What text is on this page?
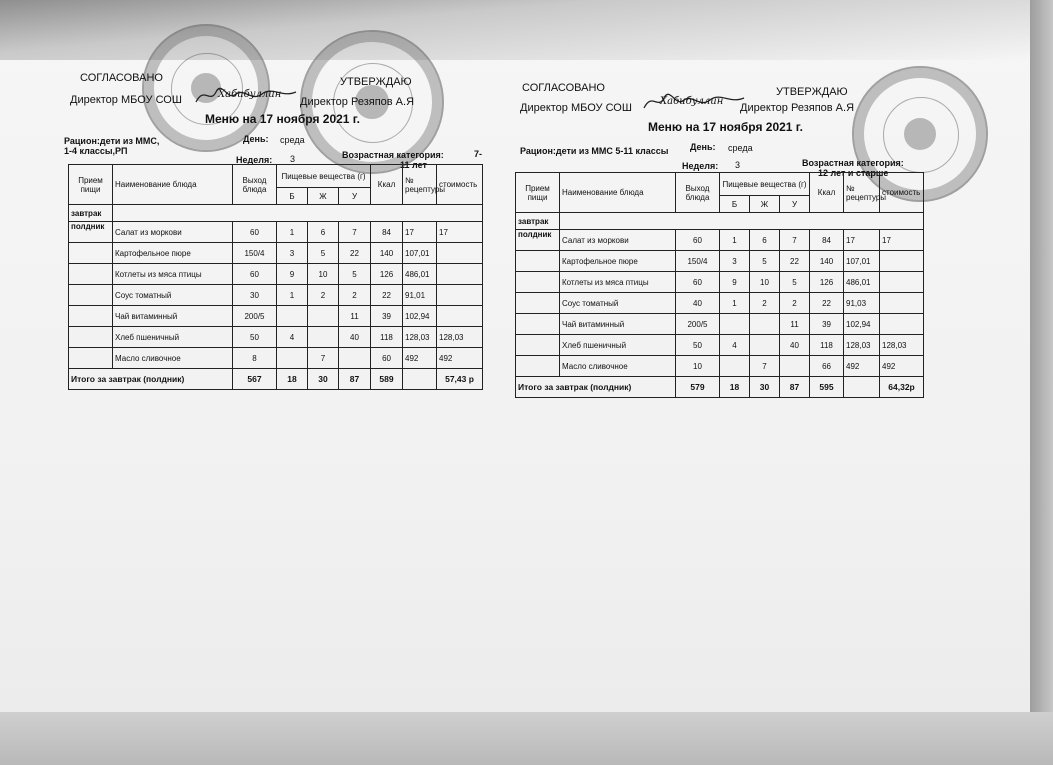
СОГЛАСОВАНО	УТВЕРЖДАЮ
Директор МБОУ СОШ	Хабибуллин
Директор Резяпов А.Я
Меню на 17 ноября 2021 г.
Рацион:дети из ММС,
1-4 классы,РП
День: среда
Неделя: 3	Возрастная категория:	7-
11 лет
Прием пищи	Наименование блюда	Выход блюда	Пищевые вещества (г)			Ккал	№ рецептуры	стоимость
			Б	Ж	У			
завтрак								
полдник	Салат из моркови	60	1	6	7	84	17	17
	Картофельное пюре	150/4	3	5	22	140	107,01	
	Котлеты из мяса птицы	60	9	10	5	126	486,01	
	Соус томатный	30	1	2	2	22	91,01	
	Чай витаминный	200/5			11	39	102,94	
	Хлеб пшеничный	50	4		40	118	128,03	128,03
	Масло сливочное	8		7		60	492	492
Итого за завтрак (полдник)		567	18	30	87	589		57,43 р
СОГЛАСОВАНО	УТВЕРЖДАЮ
Директор МБОУ СОШ
Хабибуллин
Директор Резяпов А.Я
Меню на 17 ноября 2021 г.
Рацион:дети из ММС 5-11 классы День: среда
Неделя: 3	Возрастная категория:
12 лет и старше
Прием пищи	Наименование блюда	Выход блюда	Пищевые вещества (г)			Ккал	№ рецептуры	стоимость
			Б	Ж	У			
завтрак								
полдник	Салат из моркови	60	1	6	7	84	17	17
	Картофельное пюре	150/4	3	5	22	140	107,01	
	Котлеты из мяса птицы	60	9	10	5	126	486,01	
	Соус томатный	40	1	2	2	22	91,03	
	Чай витаминный	200/5			11	39	102,94	
	Хлеб пшеничный	50	4		40	118	128,03	128,03
	Масло сливочное	10		7		66	492	492
Итого за завтрак (полдник)		579	18	30	87	595		64,32р
